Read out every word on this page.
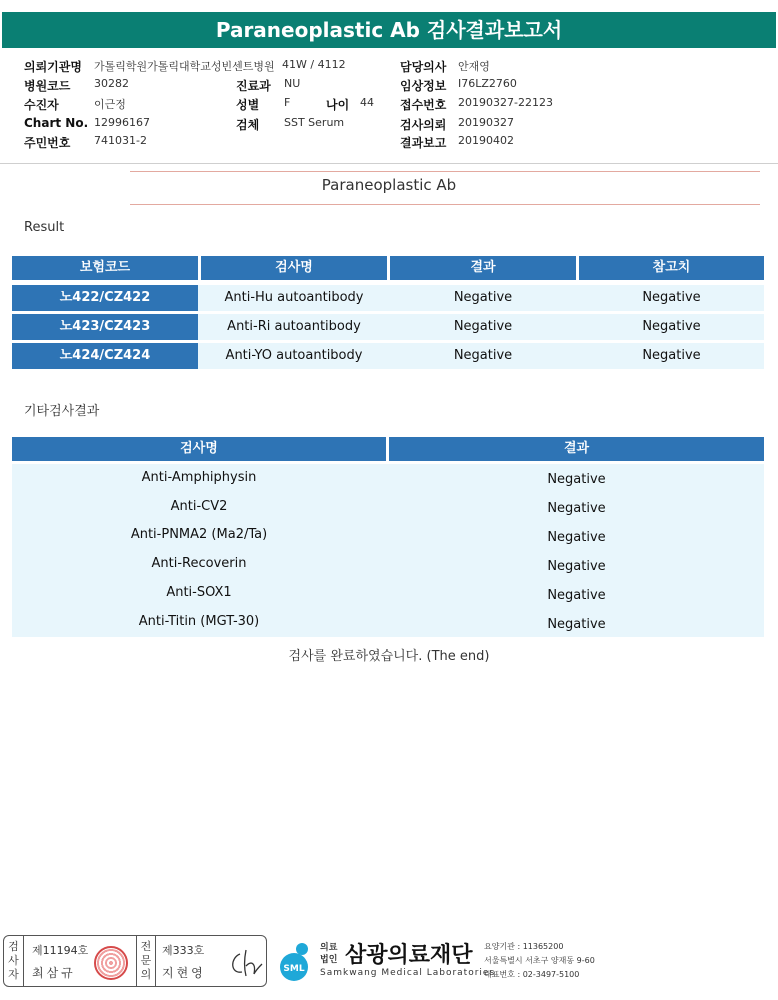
Paraneoplastic Ab 검사결과보고서
의뢰기관명 가톨릭학원가톨릭대학교성빈센트병원 41W / 4112	담당의사 안재영
병원코드 30282	진료과 NU	임상정보 I76LZ2760
수진자	이근정	성별 F	나이 44 접수번호 20190327-22123
Chart No. 12996167	검체 SST Serum	검사의뢰 20190327
주민번호 741031-2	결과보고 20190402
Paraneoplastic Ab
Result
보험코드	검사명	결과	참고치
노422/CZ422	Anti-Hu autoantibody	Negative	Negative
노423/CZ423	Anti-Ri autoantibody	Negative	Negative
노424/CZ424	Anti-YO autoantibody	Negative	Negative
기타검사결과
검사명	결과
Anti-Amphiphysin	Negative
Anti-CV2	Negative
Anti-PNMA2 (Ma2/Ta)	Negative
Anti-Recoverin	Negative
Anti-SOX1	Negative
Anti-Titin (MGT-30)	Negative
검사를 완료하였습니다. (The end)
검사자
제11194호
최삼규
전문의
제333호
지현영	SML
의료
법인 삼광의료재단
Samkwang Medical Laboratories
요양기관 : 11365200
서울특별시 서초구 양재동 9-60
대표번호 : 02-3497-5100
